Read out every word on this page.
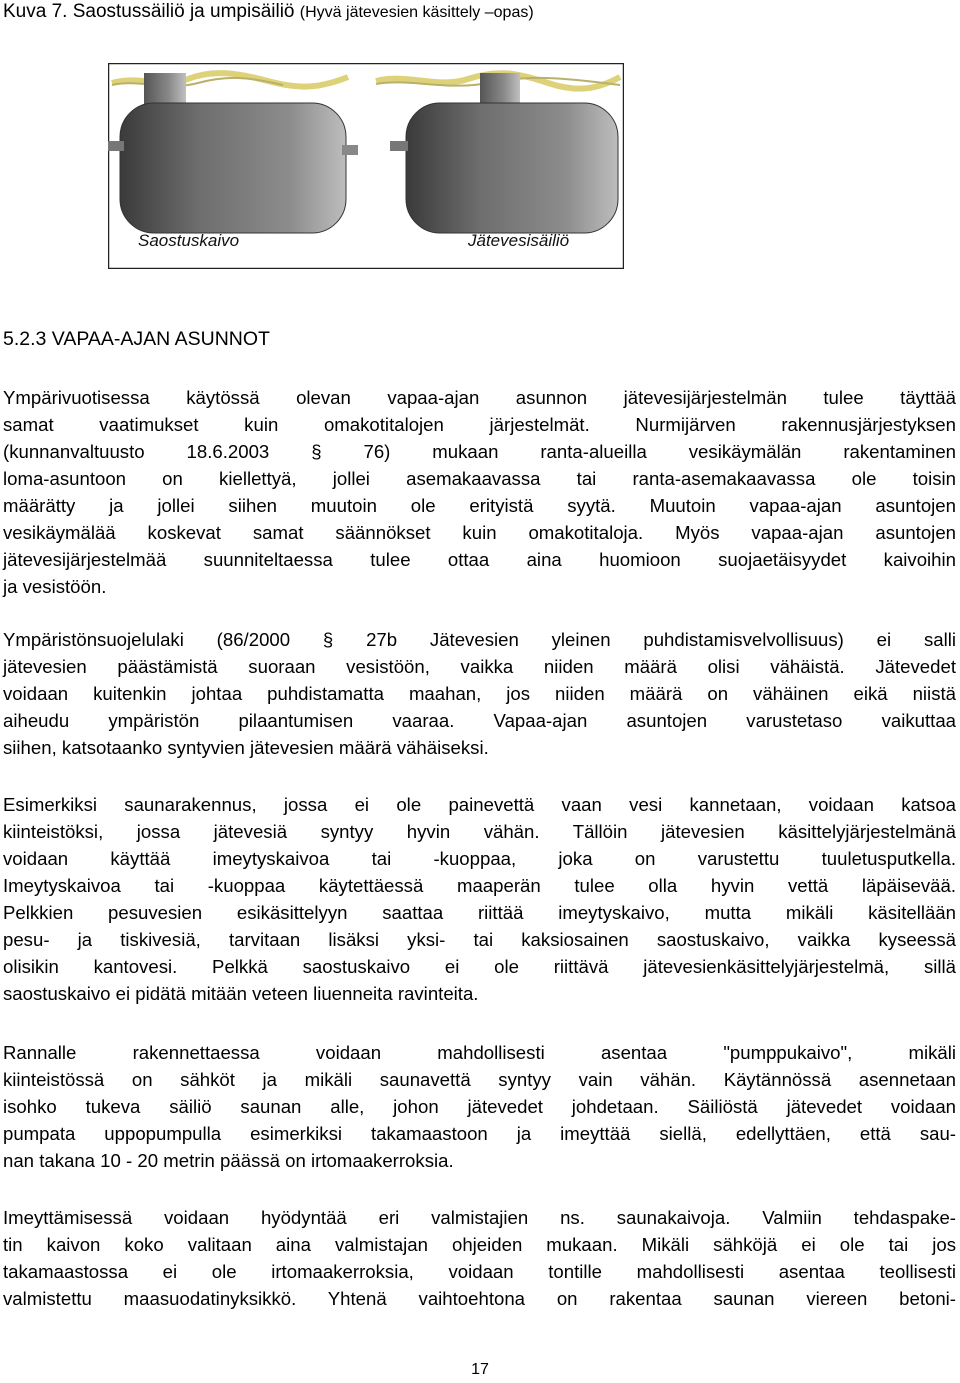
Kuva 7. Saostussäiliö ja umpisäiliö (Hyvä jätevesien käsittely –opas)
Saostuskaivo	Jätevesisäiliö
5.2.3 VAPAA-AJAN ASUNNOT
Ympärivuotisessa käytössä olevan vapaa-ajan asunnon jätevesijärjestelmän tulee täyttää
samat vaatimukset kuin omakotitalojen järjestelmät. Nurmijärven rakennusjärjestyksen
(kunnanvaltuusto 18.6.2003 § 76) mukaan ranta-alueilla vesikäymälän rakentaminen
loma-asuntoon on kiellettyä, jollei asemakaavassa tai ranta-asemakaavassa ole toisin
määrätty ja jollei siihen muutoin ole erityistä syytä. Muutoin vapaa-ajan asuntojen
vesikäymälää koskevat samat säännökset kuin omakotitaloja. Myös vapaa-ajan asuntojen
jätevesijärjestelmää suunniteltaessa tulee ottaa aina huomioon suojaetäisyydet kaivoihin
ja vesistöön.
Ympäristönsuojelulaki (86/2000 § 27b Jätevesien yleinen puhdistamisvelvollisuus) ei salli
jätevesien päästämistä suoraan vesistöön, vaikka niiden määrä olisi vähäistä. Jätevedet
voidaan kuitenkin johtaa puhdistamatta maahan, jos niiden määrä on vähäinen eikä niistä
aiheudu ympäristön pilaantumisen vaaraa. Vapaa-ajan asuntojen varustetaso vaikuttaa
siihen, katsotaanko syntyvien jätevesien määrä vähäiseksi.
Esimerkiksi saunarakennus, jossa ei ole painevettä vaan vesi kannetaan, voidaan katsoa
kiinteistöksi, jossa jätevesiä syntyy hyvin vähän. Tällöin jätevesien käsittelyjärjestelmänä
voidaan käyttää imeytyskaivoa tai -kuoppaa, joka on varustettu tuuletusputkella.
Imeytyskaivoa tai -kuoppaa käytettäessä maaperän tulee olla hyvin vettä läpäisevää.
Pelkkien pesuvesien esikäsittelyyn saattaa riittää imeytyskaivo, mutta mikäli käsitellään
pesu- ja tiskivesiä, tarvitaan lisäksi yksi- tai kaksiosainen saostuskaivo, vaikka kyseessä
olisikin kantovesi. Pelkkä saostuskaivo ei ole riittävä jätevesienkäsittelyjärjestelmä, sillä
saostuskaivo ei pidätä mitään veteen liuenneita ravinteita.
Rannalle rakennettaessa voidaan mahdollisesti asentaa "pumppukaivo", mikäli
kiinteistössä on sähköt ja mikäli saunavettä syntyy vain vähän. Käytännössä asennetaan
isohko tukeva säiliö saunan alle, johon jätevedet johdetaan. Säiliöstä jätevedet voidaan
pumpata uppopumpulla esimerkiksi takamaastoon ja imeyttää siellä, edellyttäen, että sau-
nan takana 10 - 20 metrin päässä on irtomaakerroksia.
Imeyttämisessä voidaan hyödyntää eri valmistajien ns. saunakaivoja. Valmiin tehdaspake-
tin kaivon koko valitaan aina valmistajan ohjeiden mukaan. Mikäli sähköjä ei ole tai jos
takamaastossa ei ole irtomaakerroksia, voidaan tontille mahdollisesti asentaa teollisesti
valmistettu maasuodatinyksikkö. Yhtenä vaihtoehtona on rakentaa saunan viereen betoni-
17
